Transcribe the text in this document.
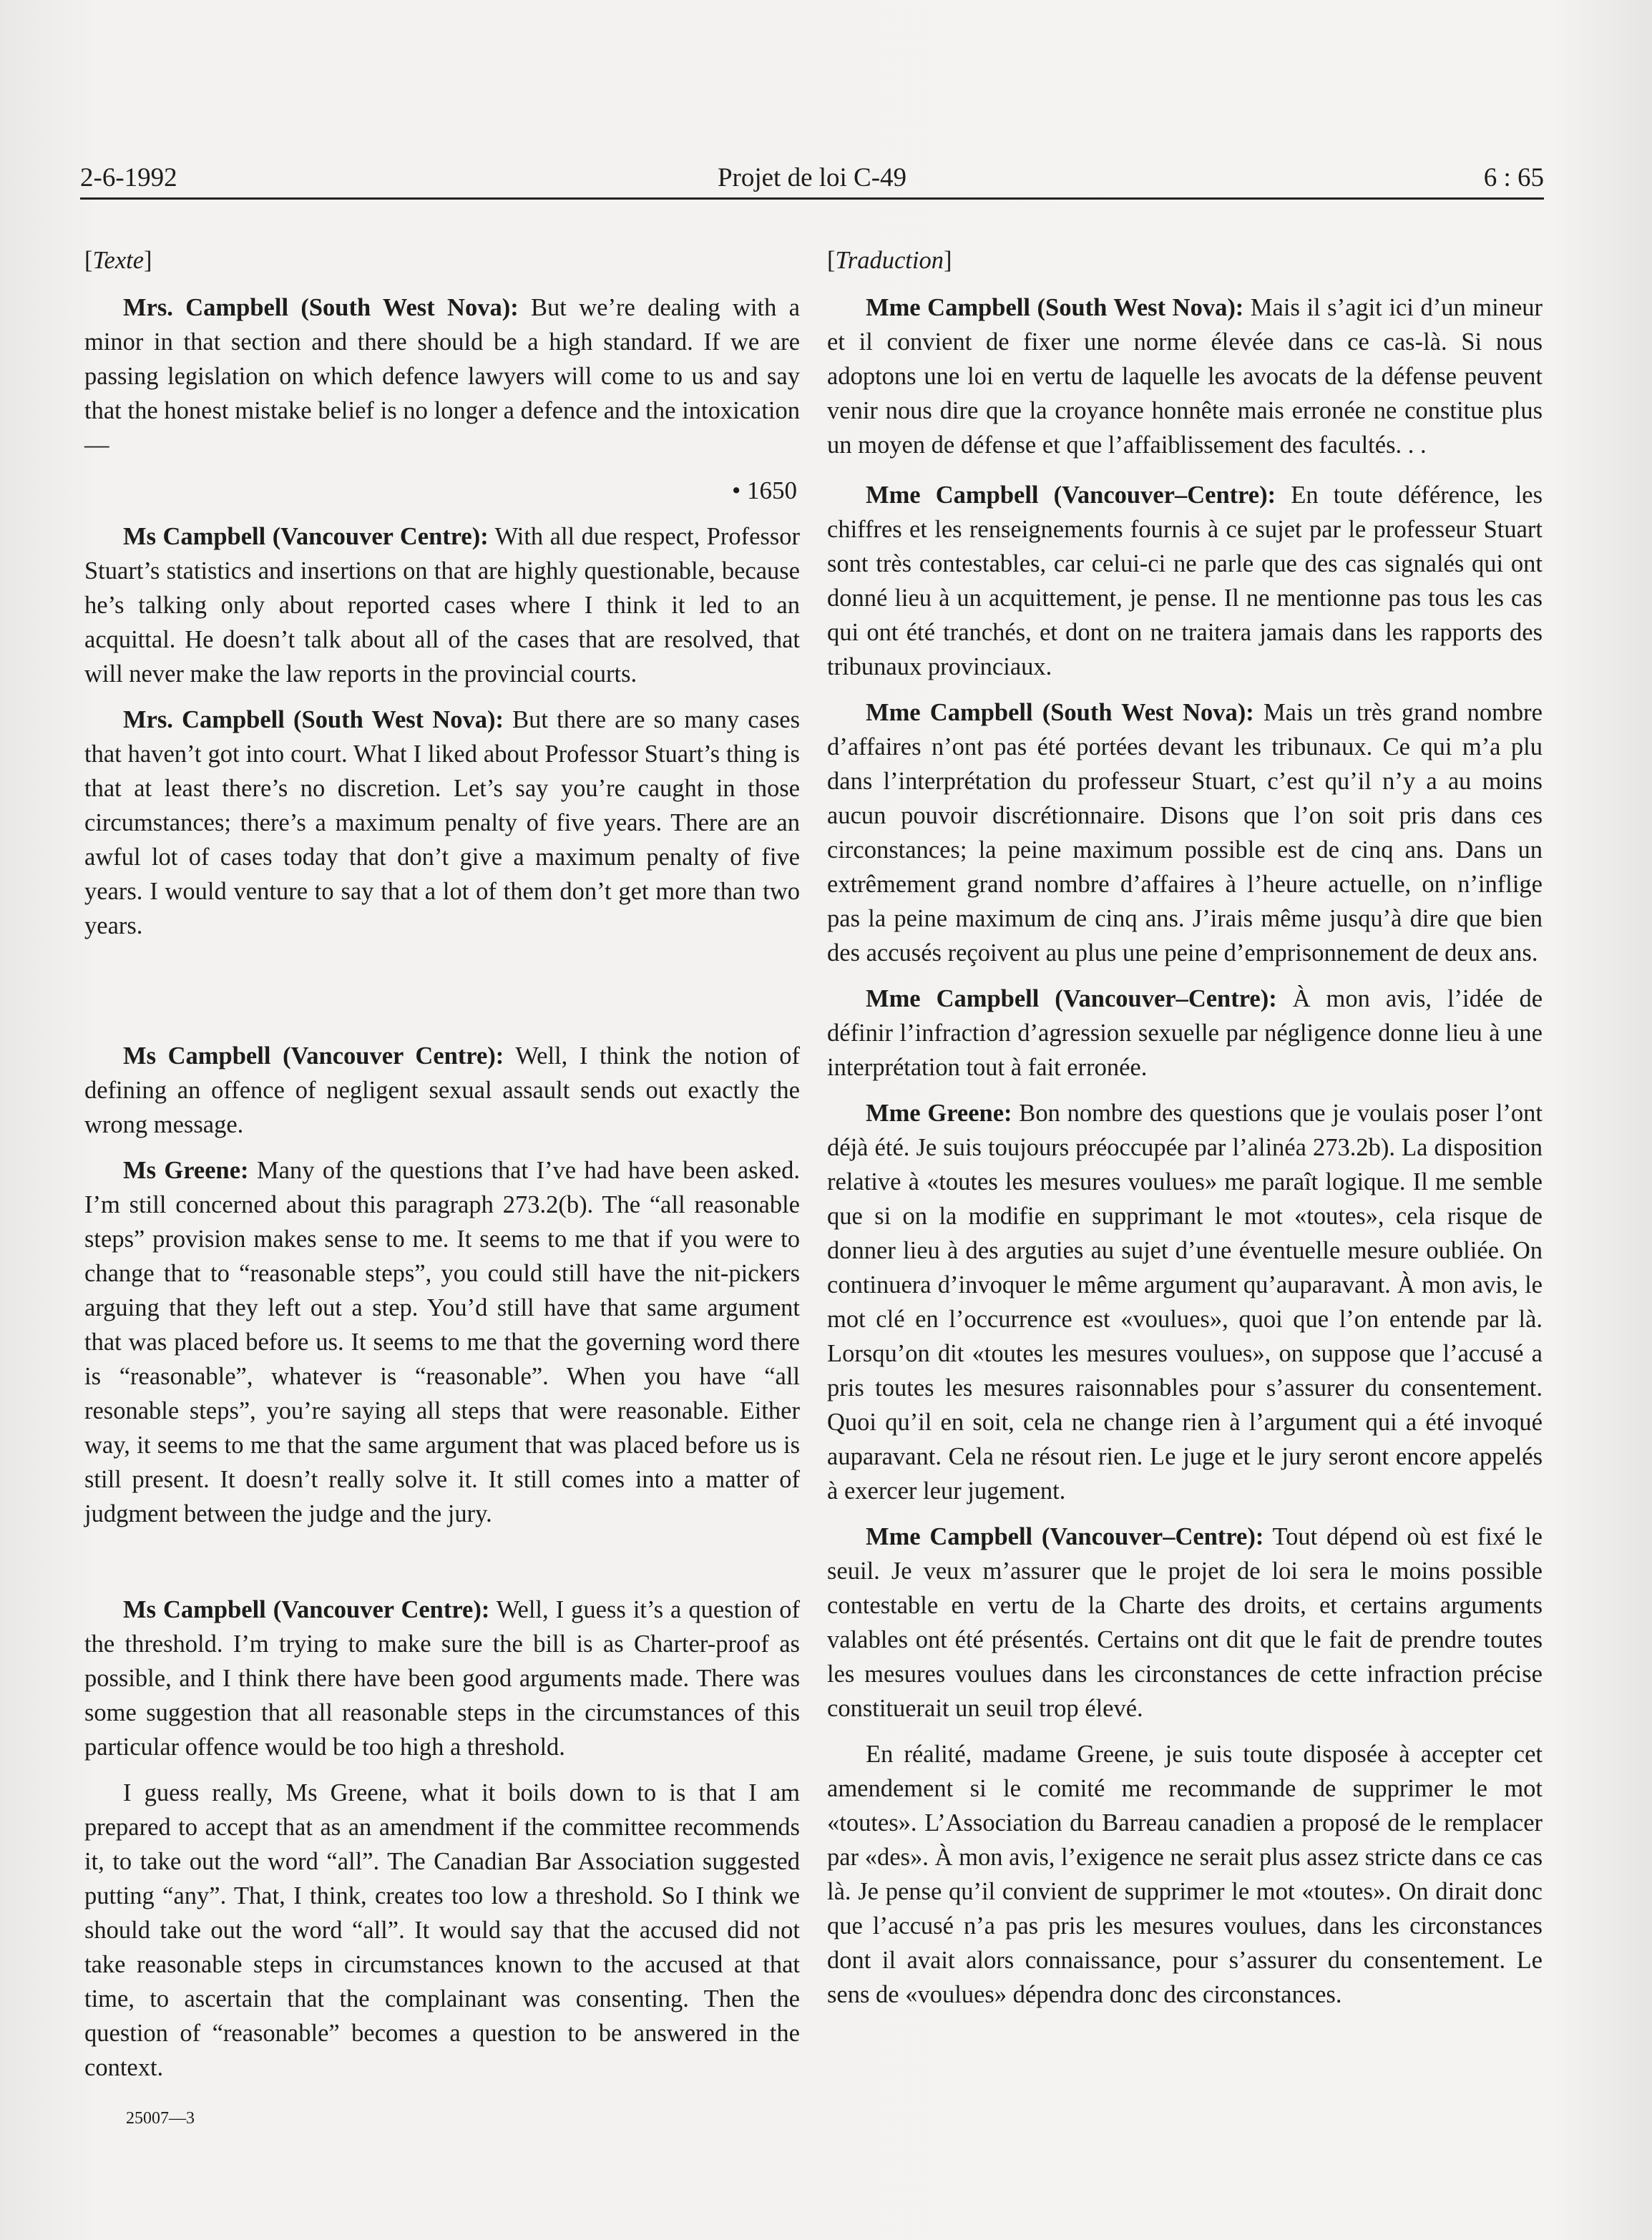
2-6-1992	Projet de loi C-49	6 : 65
[ Texte ]

Mrs. Campbell (South West Nova): But we’re dealing with a minor in that section and there should be a high standard. If we are passing legislation on which defence lawyers will come to us and say that the honest mistake belief is no longer a defence and the intoxication—

• 1650

Ms Campbell (Vancouver Centre): With all due respect, Professor Stuart’s statistics and insertions on that are highly questionable, because he’s talking only about reported cases where I think it led to an acquittal. He doesn’t talk about all of the cases that are resolved, that will never make the law reports in the provincial courts.

Mrs. Campbell (South West Nova): But there are so many cases that haven’t got into court. What I liked about Professor Stuart’s thing is that at least there’s no discretion. Let’s say you’re caught in those circumstances; there’s a maximum penalty of five years. There are an awful lot of cases today that don’t give a maximum penalty of five years. I would venture to say that a lot of them don’t get more than two years.

Ms Campbell (Vancouver Centre): Well, I think the notion of defining an offence of negligent sexual assault sends out exactly the wrong message.

Ms Greene: Many of the questions that I’ve had have been asked. I’m still concerned about this paragraph 273.2(b). The “all reasonable steps” provision makes sense to me. It seems to me that if you were to change that to “reasonable steps”, you could still have the nit-pickers arguing that they left out a step. You’d still have that same argument that was placed before us. It seems to me that the governing word there is “reasonable”, whatever is “reasonable”. When you have “all resonable steps”, you’re saying all steps that were reasonable. Either way, it seems to me that the same argument that was placed before us is still present. It doesn’t really solve it. It still comes into a matter of judgment between the judge and the jury.

Ms Campbell (Vancouver Centre): Well, I guess it’s a question of the threshold. I’m trying to make sure the bill is as Charter-proof as possible, and I think there have been good arguments made. There was some suggestion that all reasonable steps in the circumstances of this particular offence would be too high a threshold.

I guess really, Ms Greene, what it boils down to is that I am prepared to accept that as an amendment if the committee recommends it, to take out the word “all”. The Canadian Bar Association suggested putting “any”. That, I think, creates too low a threshold. So I think we should take out the word “all”. It would say that the accused did not take reasonable steps in circumstances known to the accused at that time, to ascertain that the complainant was consenting. Then the question of “reasonable” becomes a question to be answered in the context.

[ Traduction ]

Mme Campbell (South West Nova): Mais il s’agit ici d’un mineur et il convient de fixer une norme élevée dans ce cas-là. Si nous adoptons une loi en vertu de laquelle les avocats de la défense peuvent venir nous dire que la croyance honnête mais erronée ne constitue plus un moyen de défense et que l’affaiblissement des facultés. . .

Mme Campbell (Vancouver–Centre): En toute déférence, les chiffres et les renseignements fournis à ce sujet par le professeur Stuart sont très contestables, car celui-ci ne parle que des cas signalés qui ont donné lieu à un acquittement, je pense. Il ne mentionne pas tous les cas qui ont été tranchés, et dont on ne traitera jamais dans les rapports des tribunaux provinciaux.

Mme Campbell (South West Nova): Mais un très grand nombre d’affaires n’ont pas été portées devant les tribunaux. Ce qui m’a plu dans l’interprétation du professeur Stuart, c’est qu’il n’y a au moins aucun pouvoir discrétionnaire. Disons que l’on soit pris dans ces circonstances; la peine maximum possible est de cinq ans. Dans un extrêmement grand nombre d’affaires à l’heure actuelle, on n’inflige pas la peine maximum de cinq ans. J’irais même jusqu’à dire que bien des accusés reçoivent au plus une peine d’emprisonnement de deux ans.

Mme Campbell (Vancouver–Centre): À mon avis, l’idée de définir l’infraction d’agression sexuelle par négligence donne lieu à une interprétation tout à fait erronée.

Mme Greene: Bon nombre des questions que je voulais poser l’ont déjà été. Je suis toujours préoccupée par l’alinéa 273.2b). La disposition relative à «toutes les mesures voulues» me paraît logique. Il me semble que si on la modifie en supprimant le mot «toutes», cela risque de donner lieu à des arguties au sujet d’une éventuelle mesure oubliée. On continuera d’invoquer le même argument qu’auparavant. À mon avis, le mot clé en l’occurrence est «voulues», quoi que l’on entende par là. Lorsqu’on dit «toutes les mesures voulues», on suppose que l’accusé a pris toutes les mesures raisonnables pour s’assurer du consentement. Quoi qu’il en soit, cela ne change rien à l’argument qui a été invoqué auparavant. Cela ne résout rien. Le juge et le jury seront encore appelés à exercer leur jugement.

Mme Campbell (Vancouver–Centre): Tout dépend où est fixé le seuil. Je veux m’assurer que le projet de loi sera le moins possible contestable en vertu de la Charte des droits, et certains arguments valables ont été présentés. Certains ont dit que le fait de prendre toutes les mesures voulues dans les circonstances de cette infraction précise constituerait un seuil trop élevé.

En réalité, madame Greene, je suis toute disposée à accepter cet amendement si le comité me recommande de supprimer le mot «toutes». L’Association du Barreau canadien a proposé de le remplacer par «des». À mon avis, l’exigence ne serait plus assez stricte dans ce cas là. Je pense qu’il convient de supprimer le mot «toutes». On dirait donc que l’accusé n’a pas pris les mesures voulues, dans les circonstances dont il avait alors connaissance, pour s’assurer du consentement. Le sens de «voulues» dépendra donc des circonstances.

25007—3
